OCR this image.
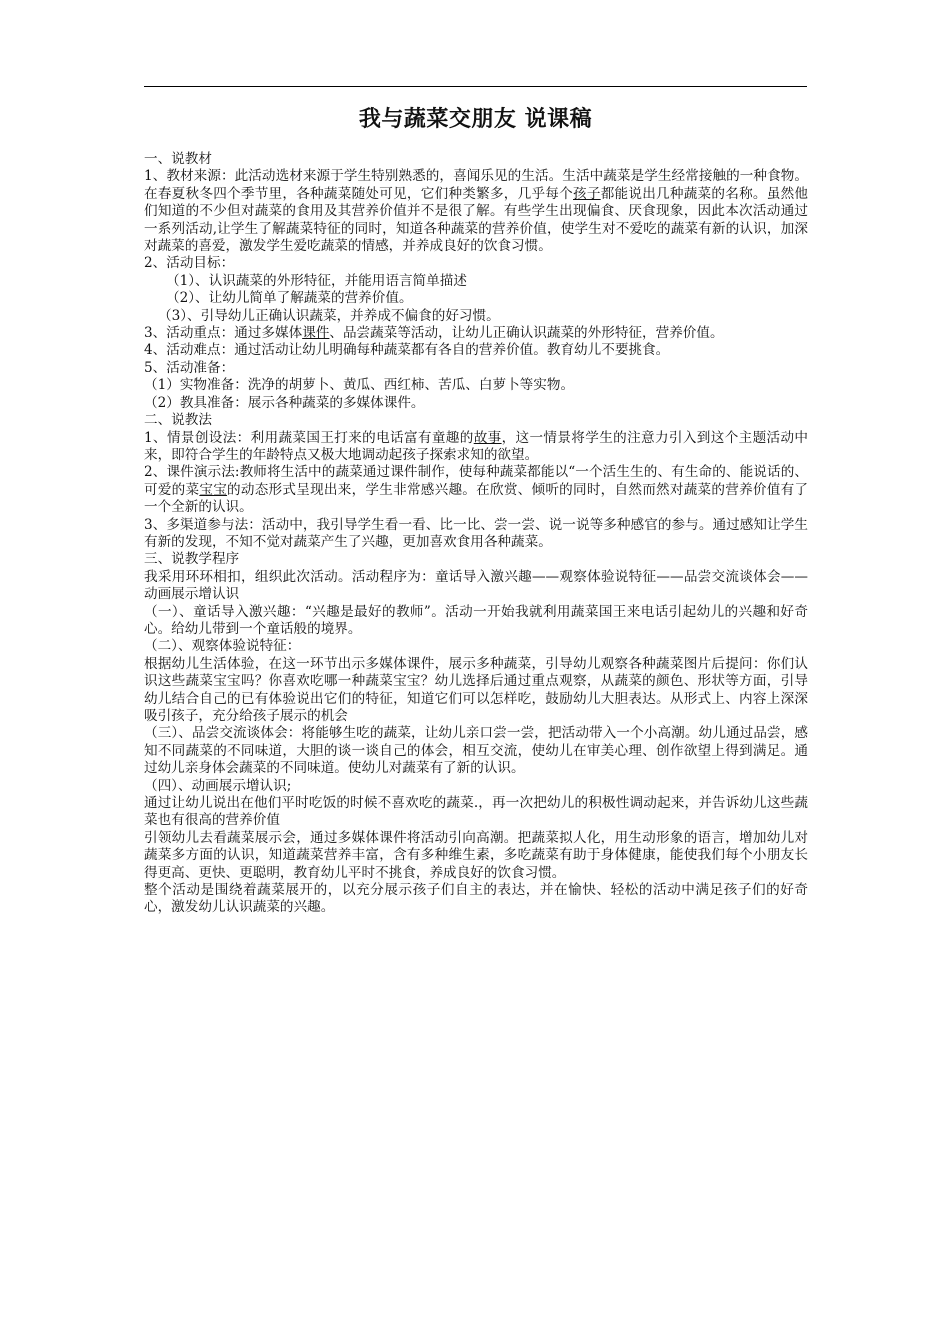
我与蔬菜交朋友 说课稿

一、说教材

1、教材来源：此活动选材来源于学生特别熟悉的，喜闻乐见的生活。生活中蔬菜是学生经常接触的一种食物。在春夏秋冬四个季节里，各种蔬菜随处可见，它们种类繁多，几乎每个孩子都能说出几种蔬菜的名称。虽然他们知道的不少但对蔬菜的食用及其营养价值并不是很了解。有些学生出现偏食、厌食现象，因此本次活动通过一系列活动,让学生了解蔬菜特征的同时，知道各种蔬菜的营养价值，使学生对不爱吃的蔬菜有新的认识，加深对蔬菜的喜爱，激发学生爱吃蔬菜的情感，并养成良好的饮食习惯。

2、活动目标：

（1）、认识蔬菜的外形特征，并能用语言简单描述

（2）、让幼儿简单了解蔬菜的营养价值。

（3）、引导幼儿正确认识蔬菜，并养成不偏食的好习惯。

3、活动重点：通过多媒体课件、品尝蔬菜等活动，让幼儿正确认识蔬菜的外形特征，营养价值。

4、活动难点：通过活动让幼儿明确每种蔬菜都有各自的营养价值。教育幼儿不要挑食。

5、活动准备：

（1）实物准备：洗净的胡萝卜、黄瓜、西红柿、苦瓜、白萝卜等实物。

（2）教具准备：展示各种蔬菜的多媒体课件。

二、说教法

1、情景创设法：利用蔬菜国王打来的电话富有童趣的故事，这一情景将学生的注意力引入到这个主题活动中来，即符合学生的年龄特点又极大地调动起孩子探索求知的欲望。

2、课件演示法:教师将生活中的蔬菜通过课件制作，使每种蔬菜都能以“一个活生生的、有生命的、能说话的、可爱的菜宝宝的动态形式呈现出来，学生非常感兴趣。在欣赏、倾听的同时，自然而然对蔬菜的营养价值有了一个全新的认识。

3、多渠道参与法：活动中，我引导学生看一看、比一比、尝一尝、说一说等多种感官的参与。通过感知让学生有新的发现，不知不觉对蔬菜产生了兴趣，更加喜欢食用各种蔬菜。

三、说教学程序

我采用环环相扣，组织此次活动。活动程序为：童话导入激兴趣——观察体验说特征——品尝交流谈体会——动画展示增认识

（一）、童话导入激兴趣：“兴趣是最好的教师”。活动一开始我就利用蔬菜国王来电话引起幼儿的兴趣和好奇心。给幼儿带到一个童话般的境界。

（二）、观察体验说特征：

根据幼儿生活体验，在这一环节出示多媒体课件，展示多种蔬菜，引导幼儿观察各种蔬菜图片后提问：你们认识这些蔬菜宝宝吗？你喜欢吃哪一种蔬菜宝宝？幼儿选择后通过重点观察，从蔬菜的颜色、形状等方面，引导幼儿结合自己的已有体验说出它们的特征，知道它们可以怎样吃，鼓励幼儿大胆表达。从形式上、内容上深深吸引孩子，充分给孩子展示的机会

（三）、品尝交流谈体会：将能够生吃的蔬菜，让幼儿亲口尝一尝，把活动带入一个小高潮。幼儿通过品尝，感知不同蔬菜的不同味道，大胆的谈一谈自己的体会，相互交流，使幼儿在审美心理、创作欲望上得到满足。通过幼儿亲身体会蔬菜的不同味道。使幼儿对蔬菜有了新的认识。

（四）、动画展示增认识;

通过让幼儿说出在他们平时吃饭的时候不喜欢吃的蔬菜.，再一次把幼儿的积极性调动起来，并告诉幼儿这些蔬菜也有很高的营养价值

引领幼儿去看蔬菜展示会，通过多媒体课件将活动引向高潮。把蔬菜拟人化，用生动形象的语言，增加幼儿对蔬菜多方面的认识，知道蔬菜营养丰富，含有多种维生素，多吃蔬菜有助于身体健康，能使我们每个小朋友长得更高、更快、更聪明，教育幼儿平时不挑食，养成良好的饮食习惯。

整个活动是围绕着蔬菜展开的，以充分展示孩子们自主的表达，并在愉快、轻松的活动中满足孩子们的好奇心，激发幼儿认识蔬菜的兴趣。
